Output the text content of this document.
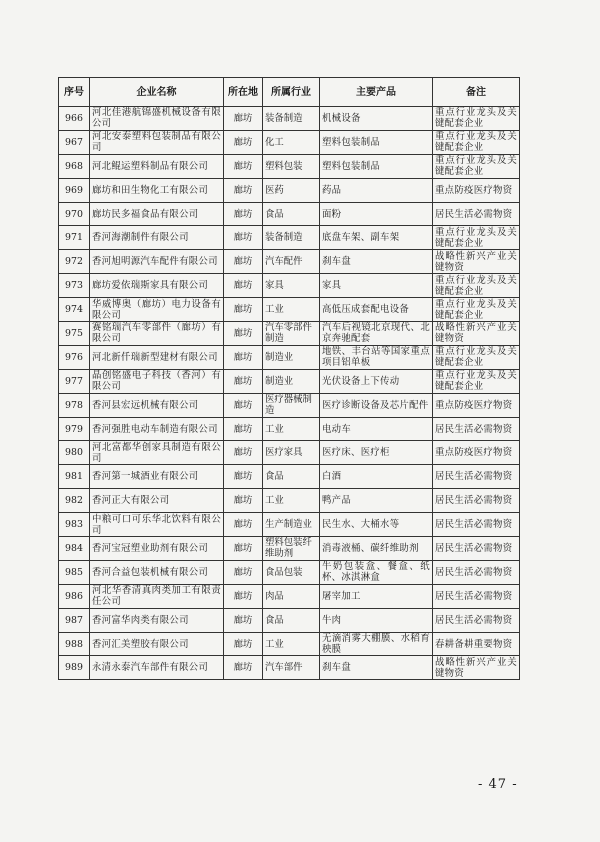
序号	企业名称	所在地	所属行业	主要产品	备注
966	河北佳港航锦盛机械设备有限公司	廊坊	装备制造	机械设备	重点行业龙头及关键配套企业
967	河北安泰塑料包装制品有限公司	廊坊	化工	塑料包装制品	重点行业龙头及关键配套企业
968	河北鲲运塑料制品有限公司	廊坊	塑料包装	塑料包装制品	重点行业龙头及关键配套企业
969	廊坊和田生物化工有限公司	廊坊	医药	药品	重点防疫医疗物资
970	廊坊民多福食品有限公司	廊坊	食品	面粉	居民生活必需物资
971	香河海潮制件有限公司	廊坊	装备制造	底盘车架、副车架	重点行业龙头及关键配套企业
972	香河旭明源汽车配件有限公司	廊坊	汽车配件	刹车盘	战略性新兴产业关键物资
973	廊坊爱依瑞斯家具有限公司	廊坊	家具	家具	重点行业龙头及关键配套企业
974	华威博奥（廊坊）电力设备有限公司	廊坊	工业	高低压成套配电设备	重点行业龙头及关键配套企业
975	赛铭瑞汽车零部件（廊坊）有限公司	廊坊	汽车零部件制造	汽车后视镜北京现代、北京奔驰配套	战略性新兴产业关键物资
976	河北新仟瑞新型建材有限公司	廊坊	制造业	地铁、丰台站等国家重点项目铝单板	重点行业龙头及关键配套企业
977	晶创铭盛电子科技（香河）有限公司	廊坊	制造业	光伏设备上下传动	重点行业龙头及关键配套企业
978	香河县宏远机械有限公司	廊坊	医疗器械制造	医疗诊断设备及芯片配件	重点防疫医疗物资
979	香河强胜电动车制造有限公司	廊坊	工业	电动车	居民生活必需物资
980	河北富都华创家具制造有限公司	廊坊	医疗家具	医疗床、医疗柜	重点防疫医疗物资
981	香河第一城酒业有限公司	廊坊	食品	白酒	居民生活必需物资
982	香河正大有限公司	廊坊	工业	鸭产品	居民生活必需物资
983	中粮可口可乐华北饮料有限公司	廊坊	生产制造业	民生水、大桶水等	居民生活必需物资
984	香河宝冠塑业助剂有限公司	廊坊	塑料包装纤维助剂	消毒液桶、碳纤维助剂	居民生活必需物资
985	香河合益包装机械有限公司	廊坊	食品包装	牛奶包装盒、餐盒、纸杯、冰淇淋盒	居民生活必需物资
986	河北华香清真肉类加工有限责任公司	廊坊	肉品	屠宰加工	居民生活必需物资
987	香河富华肉类有限公司	廊坊	食品	牛肉	居民生活必需物资
988	香河汇美塑胶有限公司	廊坊	工业	无滴消雾大棚膜、水稻育秧膜	春耕备耕重要物资
989	永清永泰汽车部件有限公司	廊坊	汽车部件	刹车盘	战略性新兴产业关键物资
- 47 -
